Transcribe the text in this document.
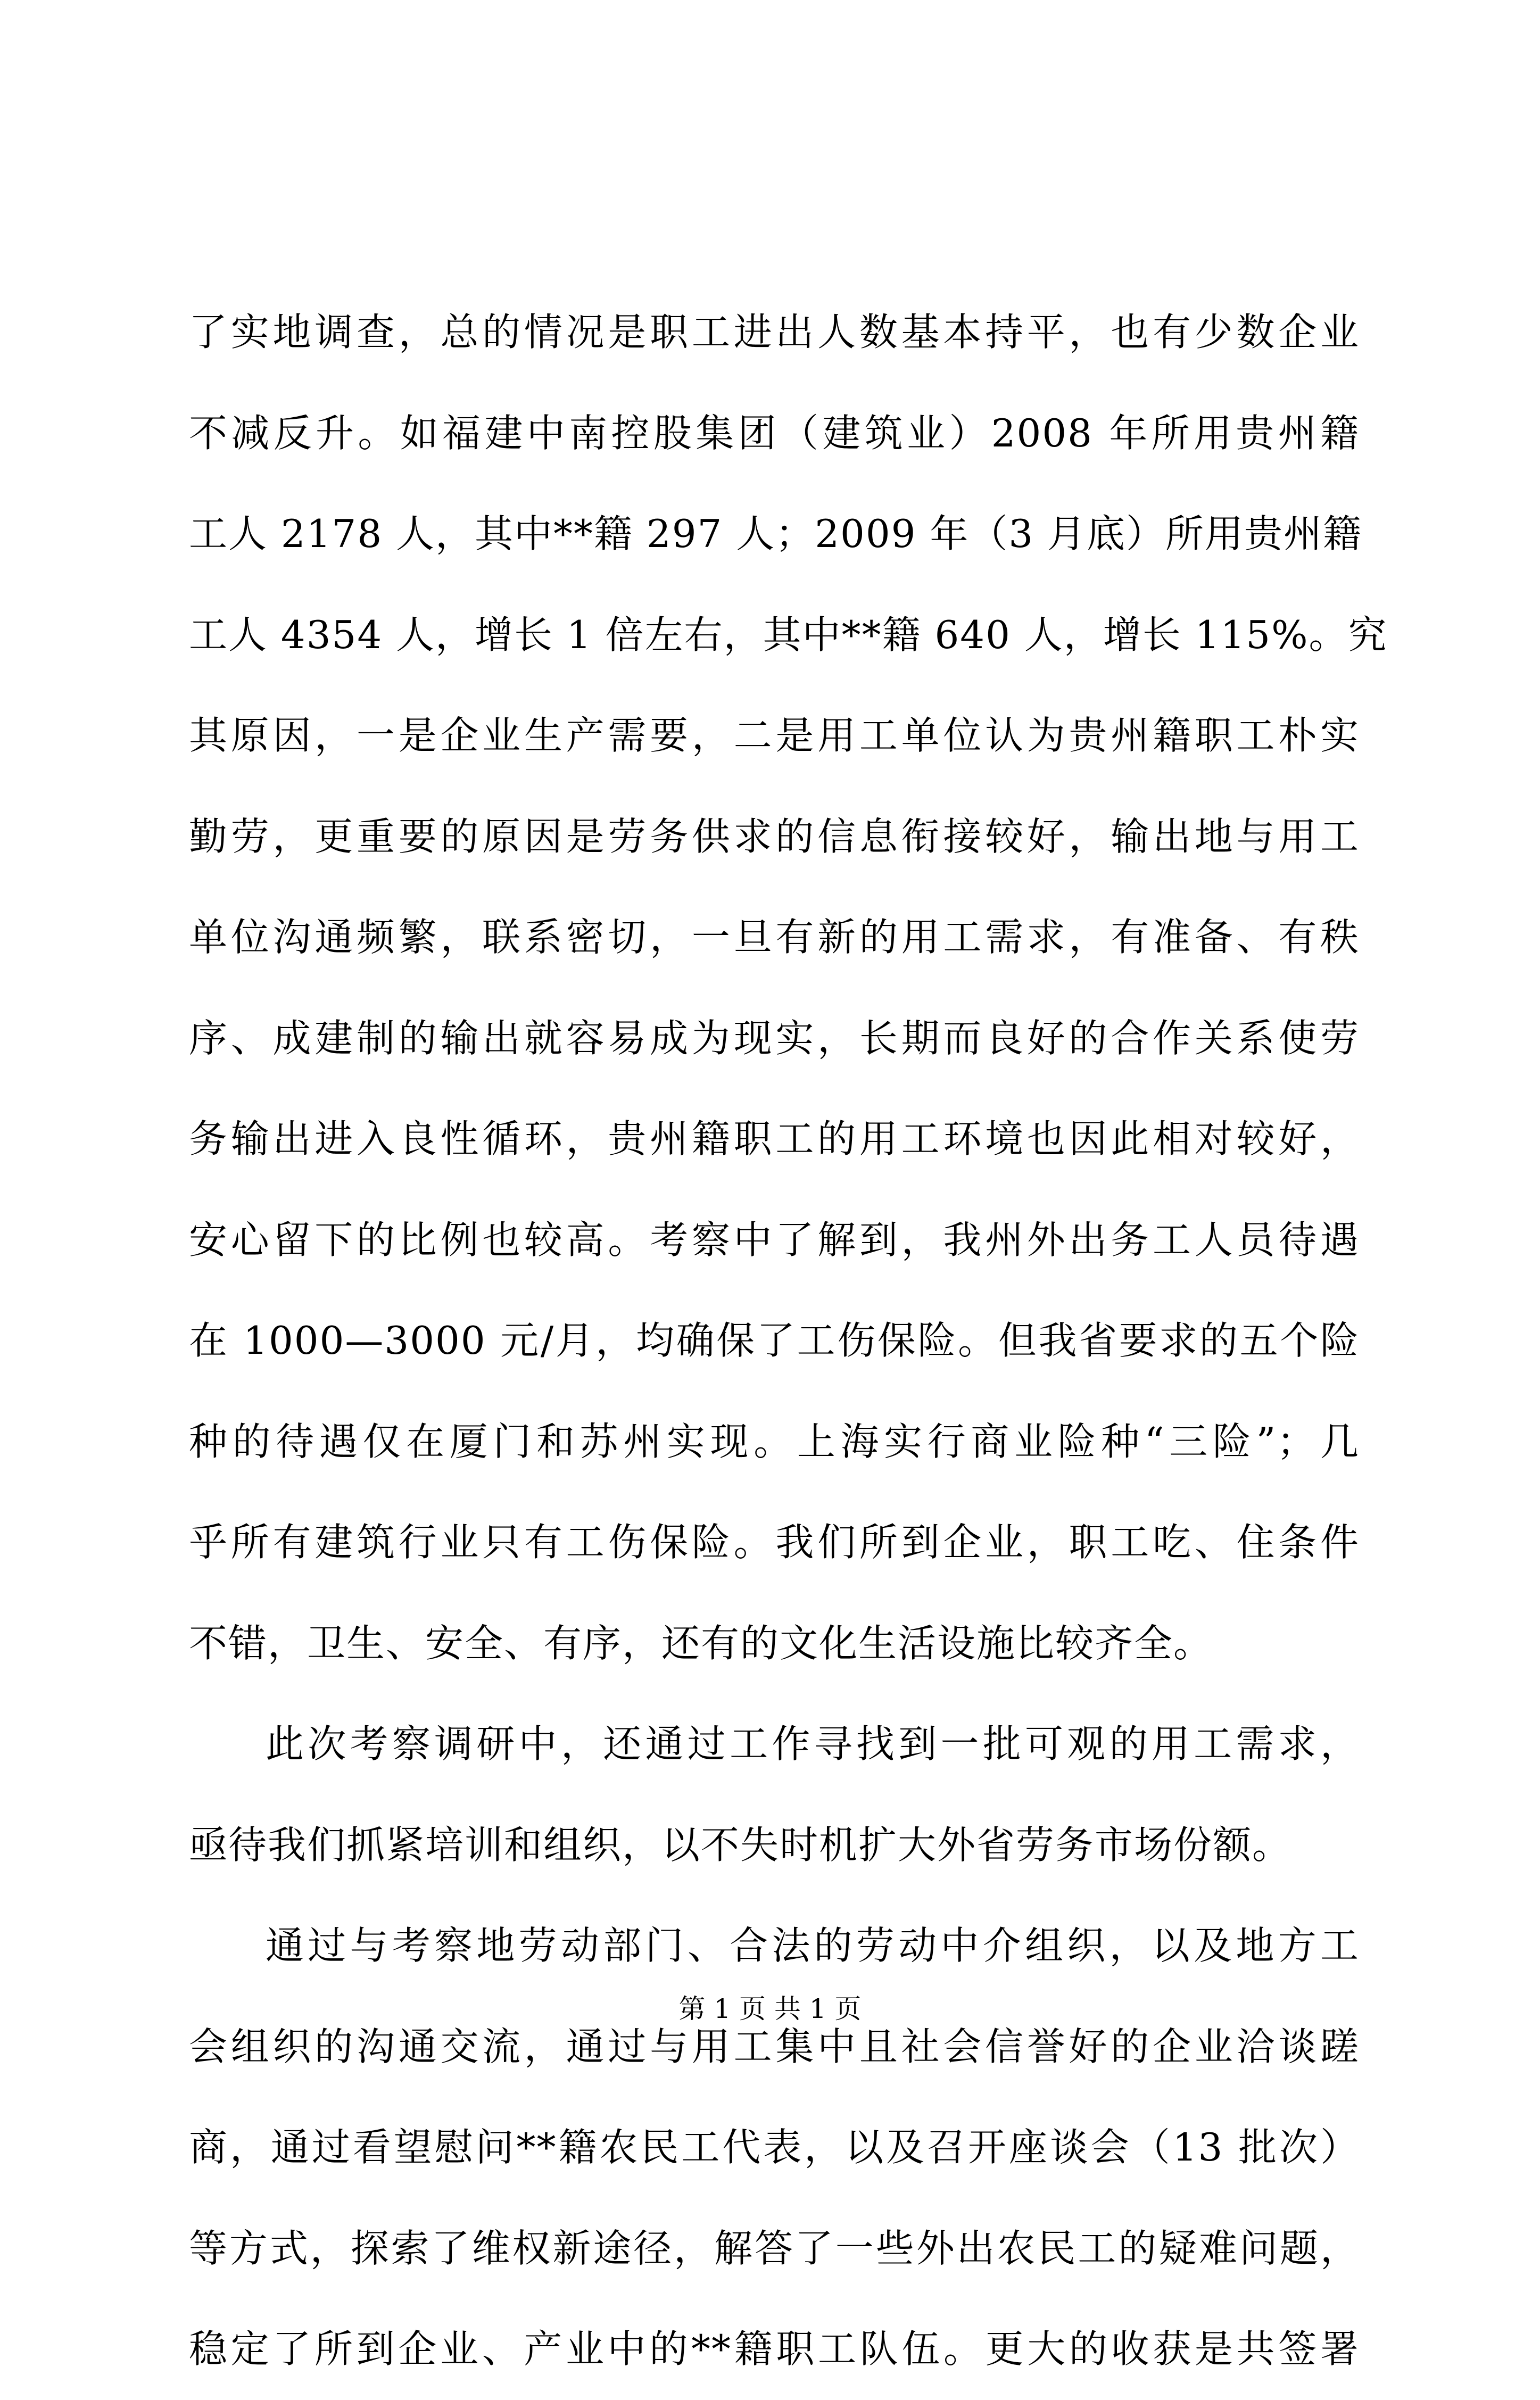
了实地调查，总的情况是职工进出人数基本持平，也有少数企业
不减反升。如福建中南控股集团（建筑业）2008 年所用贵州籍
工人 2178 人，其中**籍 297 人；2009 年（3 月底）所用贵州籍
工人 4354 人，增长 1 倍左右，其中**籍 640 人，增长 115%。究
其原因，一是企业生产需要，二是用工单位认为贵州籍职工朴实
勤劳，更重要的原因是劳务供求的信息衔接较好，输出地与用工
单位沟通频繁，联系密切，一旦有新的用工需求，有准备、有秩
序、成建制的输出就容易成为现实，长期而良好的合作关系使劳
务输出进入良性循环，贵州籍职工的用工环境也因此相对较好，
安心留下的比例也较高。考察中了解到，我州外出务工人员待遇
在 1000—3000 元/月，均确保了工伤保险。但我省要求的五个险
种的待遇仅在厦门和苏州实现。上海实行商业险种“三险”；几
乎所有建筑行业只有工伤保险。我们所到企业，职工吃、住条件
不错，卫生、安全、有序，还有的文化生活设施比较齐全。
此次考察调研中，还通过工作寻找到一批可观的用工需求，
亟待我们抓紧培训和组织，以不失时机扩大外省劳务市场份额。
通过与考察地劳动部门、合法的劳动中介组织，以及地方工
会组织的沟通交流，通过与用工集中且社会信誉好的企业洽谈蹉
商，通过看望慰问**籍农民工代表，以及召开座谈会（13 批次）
等方式，探索了维权新途径，解答了一些外出农民工的疑难问题，
稳定了所到企业、产业中的**籍职工队伍。更大的收获是共签署
第 1 页 共 1 页
